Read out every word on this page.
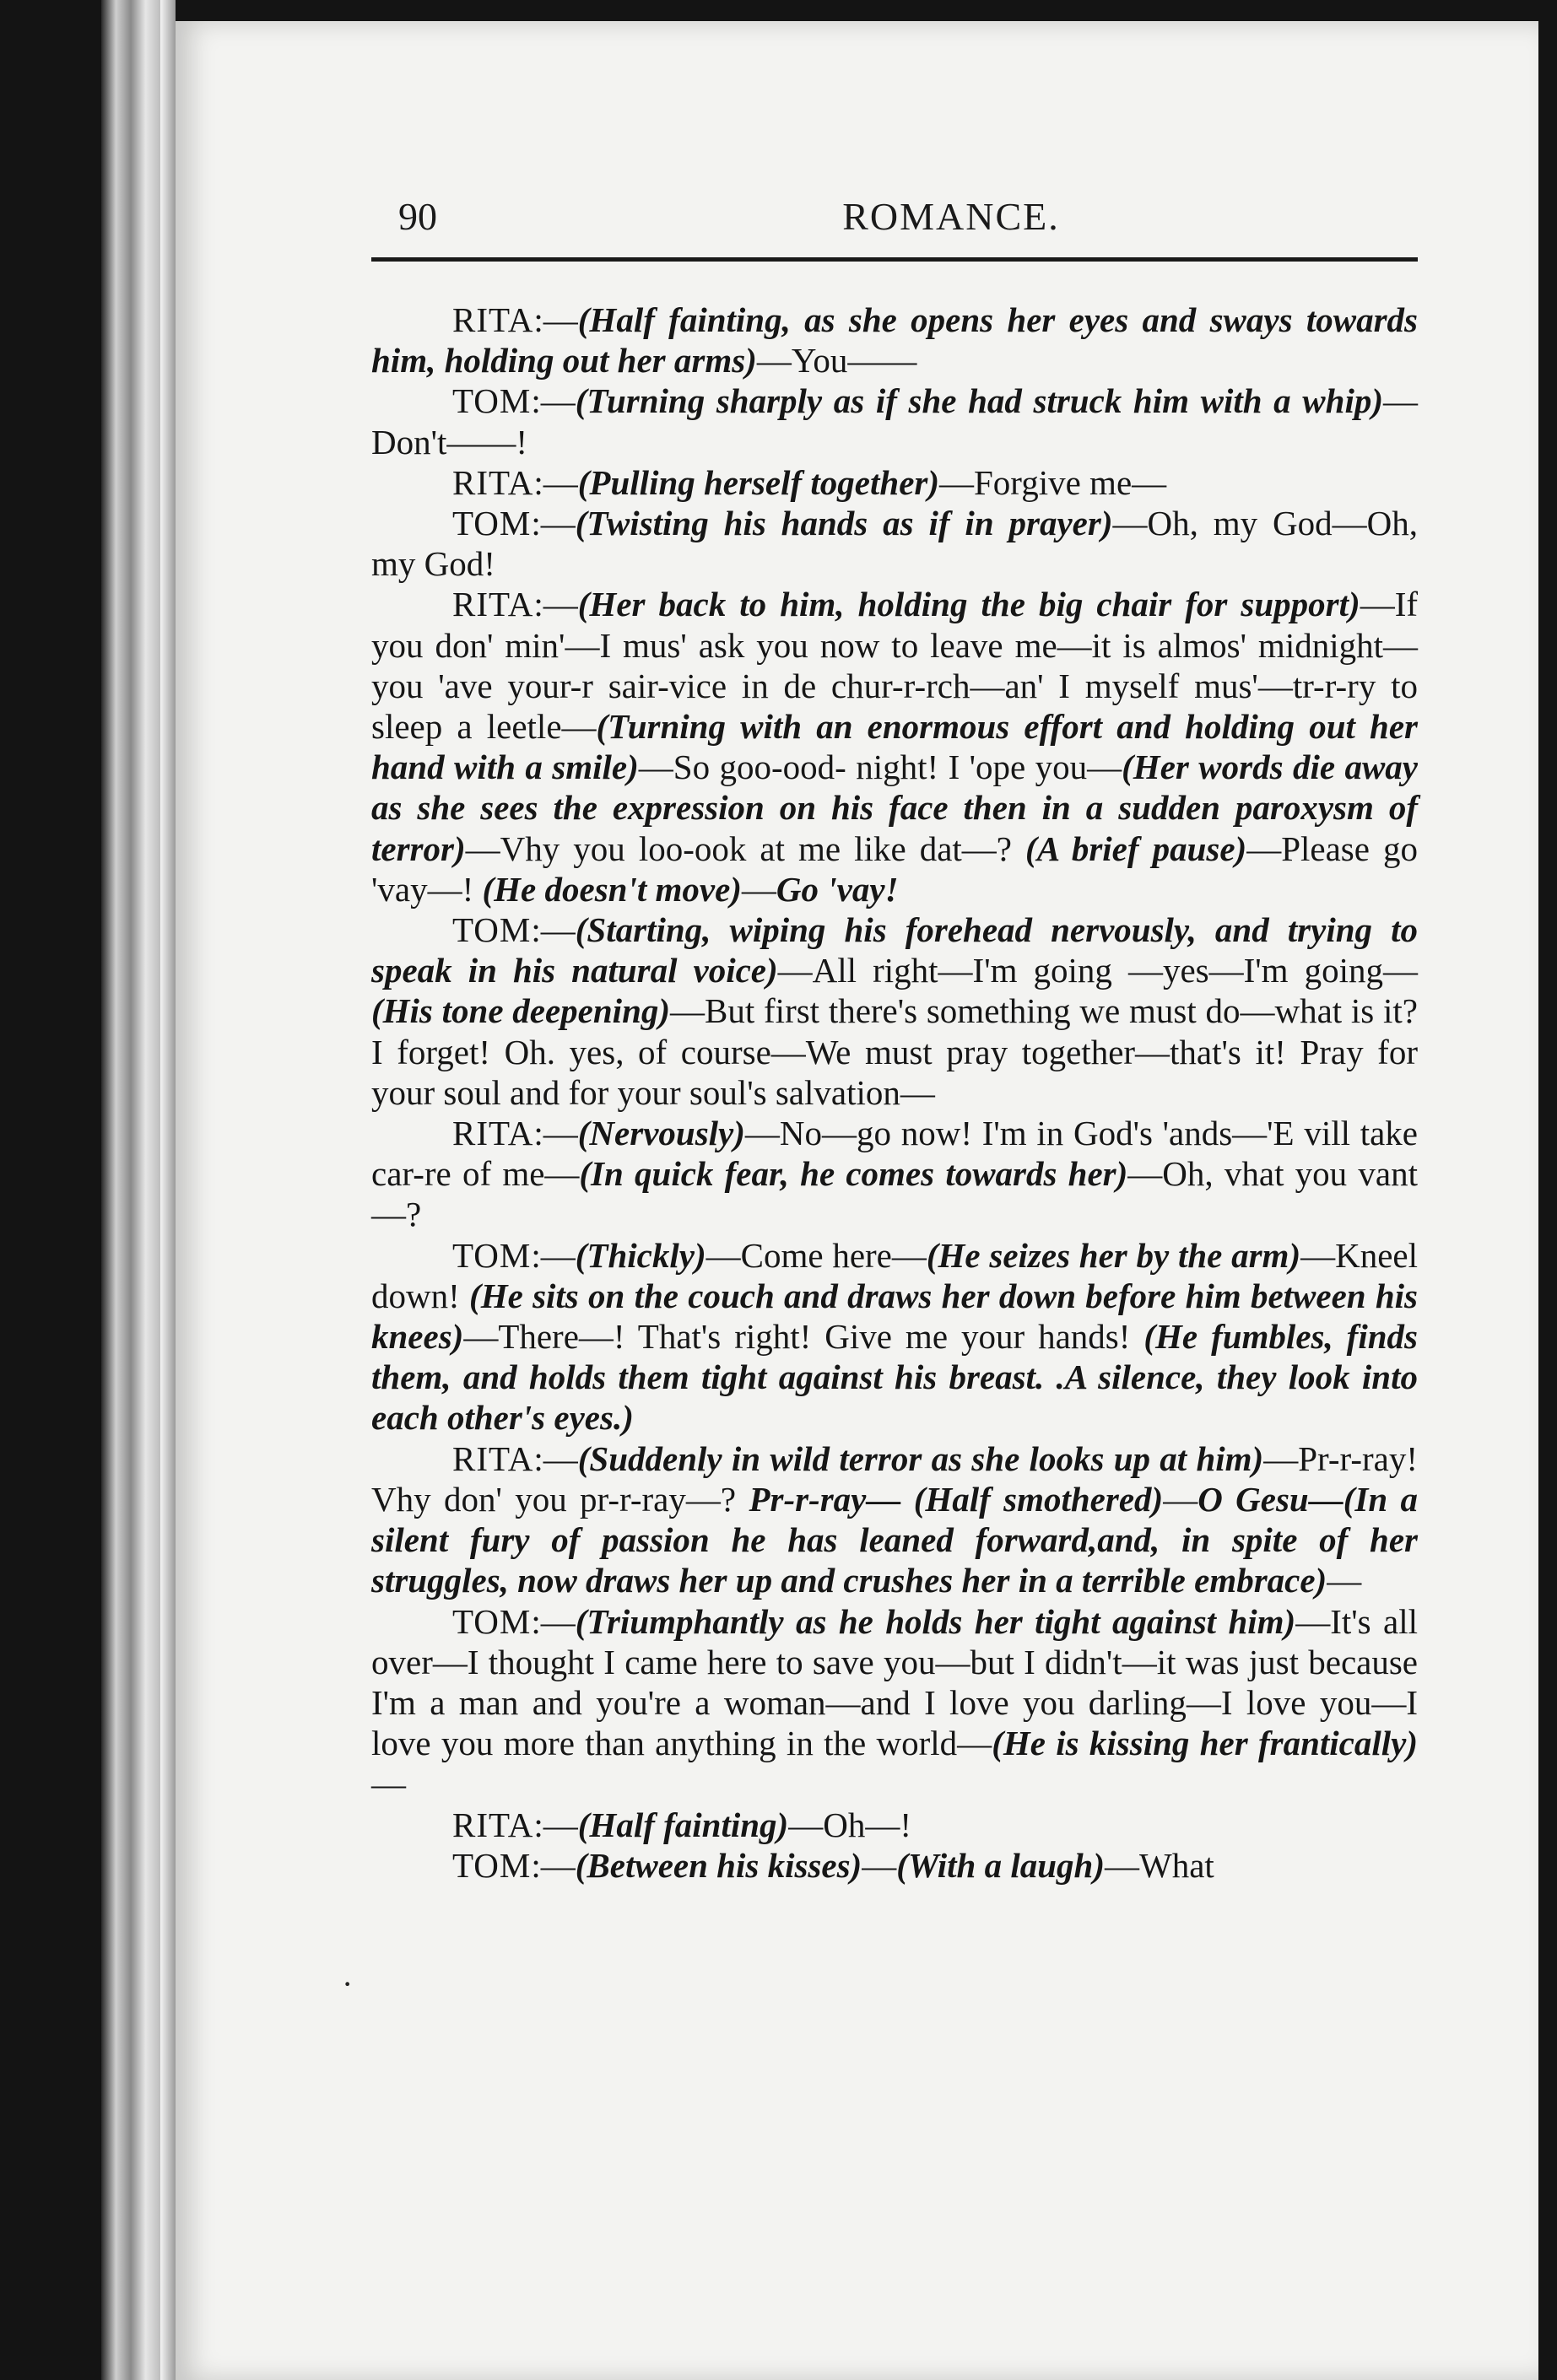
90	ROMANCE.

RITA:—(Half fainting, as she opens her eyes and sways towards him, holding out her arms)—You——

TOM:—(Turning sharply as if she had struck him with a whip)—Don't——!

RITA:—(Pulling herself together)—Forgive me—

TOM:—(Twisting his hands as if in prayer)—Oh, my God—Oh, my God!

RITA:—(Her back to him, holding the big chair for support)—If you don' min'—I mus' ask you now to leave me—it is almos' midnight—you 'ave your-r sair-vice in de chur-r-rch—an' I myself mus'—tr-r-ry to sleep a leetle—(Turning with an enormous effort and holding out her hand with a smile)—So goo-ood- night! I 'ope you—(Her words die away as she sees the expression on his face then in a sudden paroxysm of terror)—Vhy you loo-ook at me like dat—? (A brief pause)—Please go 'vay—! (He doesn't move)—Go 'vay!

TOM:—(Starting, wiping his forehead nervously, and trying to speak in his natural voice)—All right—I'm going —yes—I'm going—(His tone deepening)—But first there's something we must do—what is it? I forget! Oh. yes, of course—We must pray together—that's it! Pray for your soul and for your soul's salvation—

RITA:—(Nervously)—No—go now! I'm in God's 'ands—'E vill take car-re of me—(In quick fear, he comes towards her)—Oh, vhat you vant—?

TOM:—(Thickly)—Come here—(He seizes her by the arm)—Kneel down! (He sits on the couch and draws her down before him between his knees)—There—! That's right! Give me your hands! (He fumbles, finds them, and holds them tight against his breast. .A silence, they look into each other's eyes.)

RITA:—(Suddenly in wild terror as she looks up at him)—Pr-r-ray! Vhy don' you pr-r-ray—? Pr-r-ray— (Half smothered)—O Gesu—(In a silent fury of passion he has leaned forward,and, in spite of her struggles, now draws her up and crushes her in a terrible embrace)—

TOM:—(Triumphantly as he holds her tight against him)—It's all over—I thought I came here to save you—but I didn't—it was just because I'm a man and you're a woman—and I love you darling—I love you—I love you more than anything in the world—(He is kissing her frantically)—

RITA:—(Half fainting)—Oh—!

TOM:—(Between his kisses)—(With a laugh)—What

·
